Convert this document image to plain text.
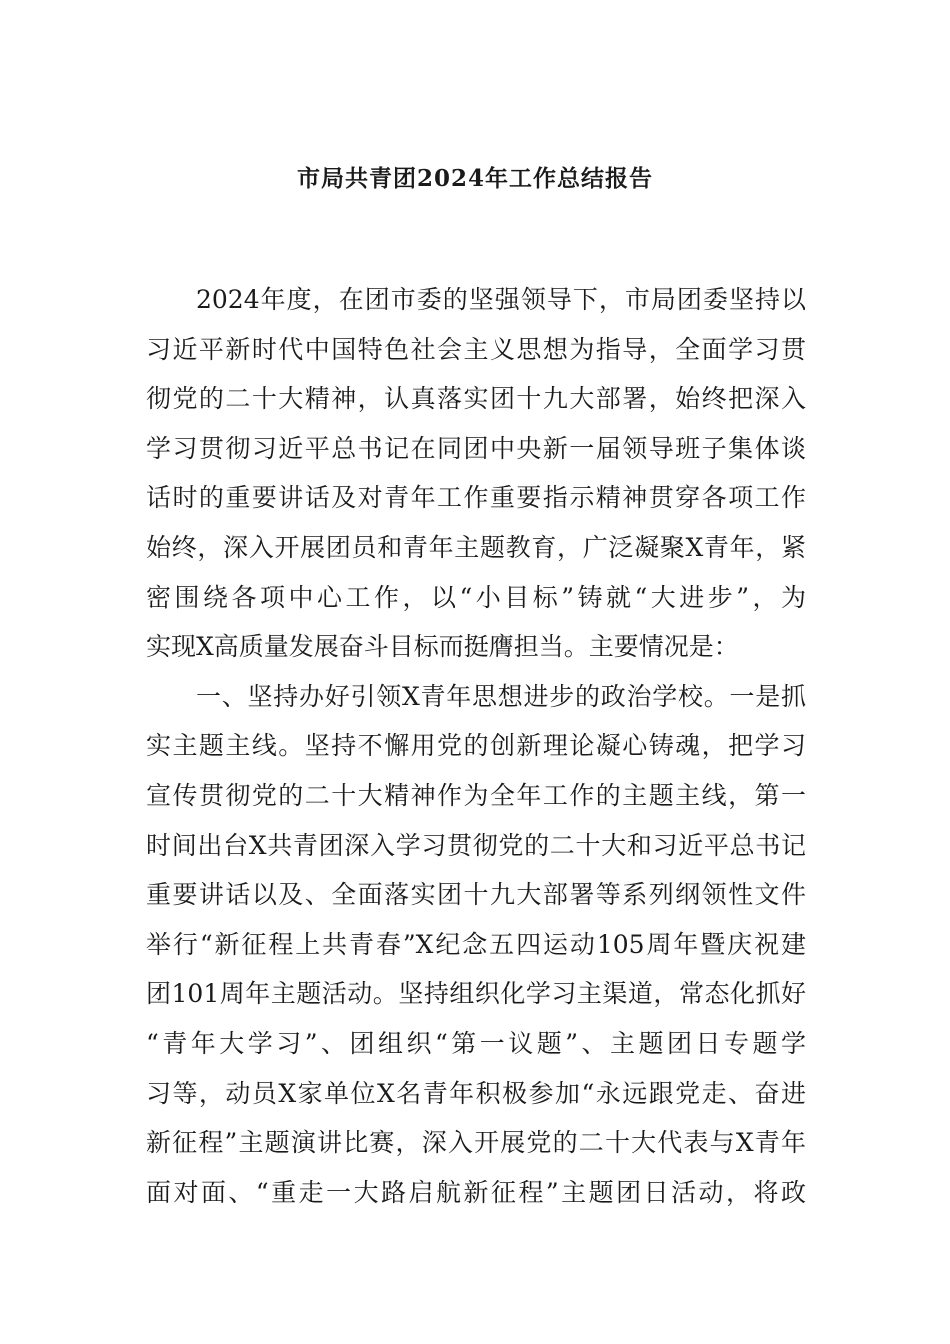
市局共青团2024年工作总结报告
2024年度，在团市委的坚强领导下，市局团委坚持以
习近平新时代中国特色社会主义思想为指导，全面学习贯
彻党的二十大精神，认真落实团十九大部署，始终把深入
学习贯彻习近平总书记在同团中央新一届领导班子集体谈
话时的重要讲话及对青年工作重要指示精神贯穿各项工作
始终，深入开展团员和青年主题教育，广泛凝聚X青年，紧
密围绕各项中心工作，以“小目标”铸就“大进步”，为
实现X高质量发展奋斗目标而挺膺担当。主要情况是：
一、坚持办好引领X青年思想进步的政治学校。一是抓
实主题主线。坚持不懈用党的创新理论凝心铸魂，把学习
宣传贯彻党的二十大精神作为全年工作的主题主线，第一
时间出台X共青团深入学习贯彻党的二十大和习近平总书记
重要讲话以及、全面落实团十九大部署等系列纲领性文件
举行“新征程上共青春”X纪念五四运动105周年暨庆祝建
团101周年主题活动。坚持组织化学习主渠道，常态化抓好
“青年大学习”、团组织“第一议题”、主题团日专题学
习等，动员X家单位X名青年积极参加“永远跟党走、奋进
新征程”主题演讲比赛，深入开展党的二十大代表与X青年
面对面、“重走一大路启航新征程”主题团日活动，将政
